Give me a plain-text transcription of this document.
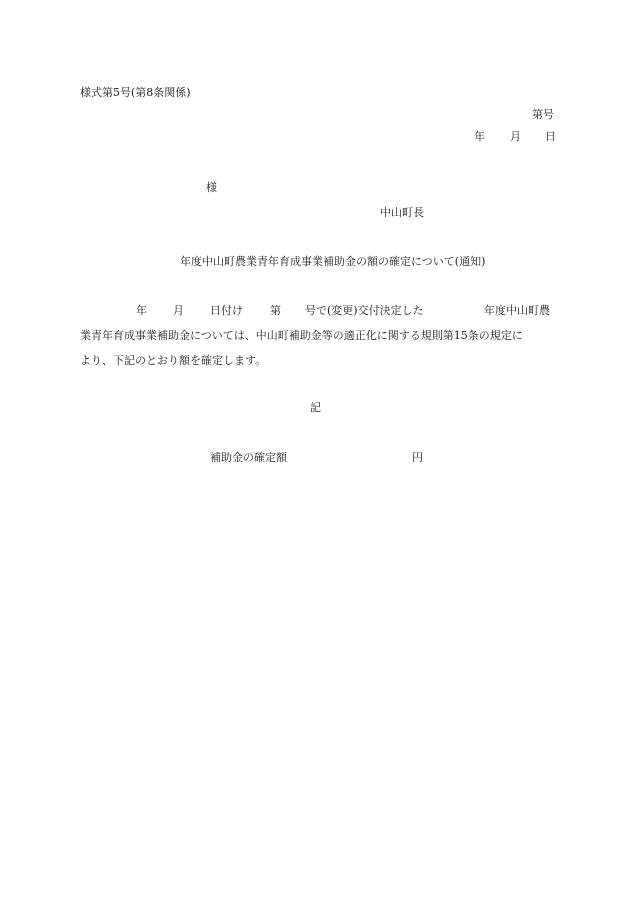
様式第5号(第8条関係)
第号
年 月 日
様
中山町長
年度中山町農業青年育成事業補助金の額の確定について(通知)
年 月 日付け 第 号で(変更)交付決定した	年度中山町農
業青年育成事業補助金については、中山町補助金等の適正化に関する規則第15条の規定に
より、下記のとおり額を確定します。
記
補助金の確定額	円
